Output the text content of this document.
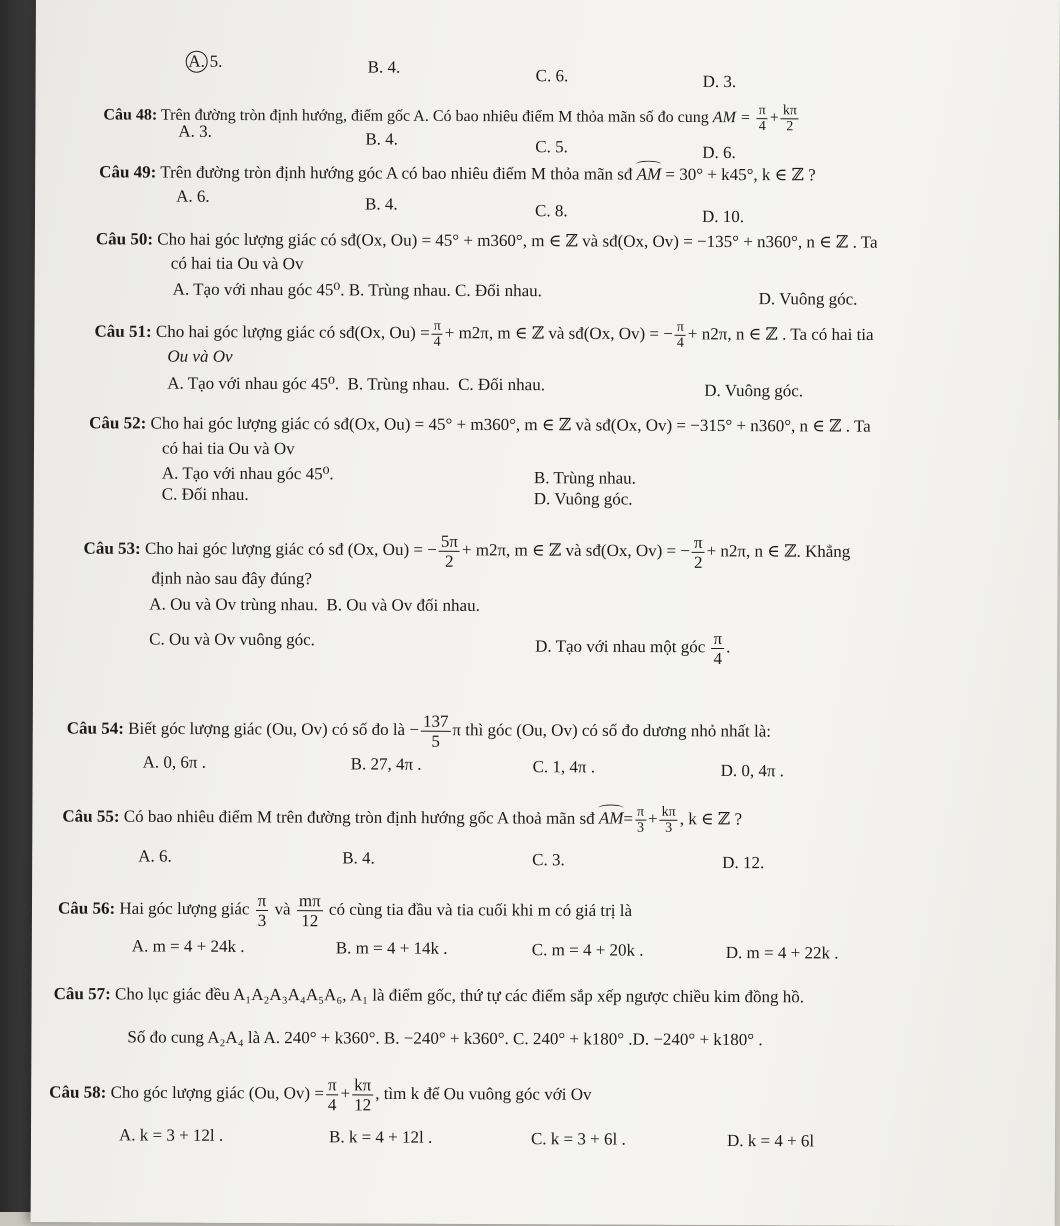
A. 5.	B. 4.	C. 6.	D. 3.
Câu 48: Trên đường tròn định hướng, điểm gốc A. Có bao nhiêu điểm M thỏa mãn số đo cung AM = $\frac{\pi}{4} + \frac{k\pi}{2}$
A. 3.	B. 4.	C. 5.	D. 6.
Câu 49: Trên đường tròn định hướng góc A có bao nhiêu điểm M thỏa mãn sđ AM = 30° + k45°, k ∈ ℤ ?
A. 6.	B. 4.	C. 8.	D. 10.
Câu 50: Cho hai góc lượng giác có sđ(Ox, Ou) = 45° + m360°, m ∈ ℤ và sđ(Ox, Ov) = −135° + n360°, n ∈ ℤ . Ta
có hai tia Ou và Ov
A. Tạo với nhau góc 45⁰. B. Trùng nhau. C. Đối nhau.	D. Vuông góc.
Câu 51: Cho hai góc lượng giác có sđ(Ox, $Ou) = \frac{\pi}{4} + m2\pi$, m ∈ ℤ và sđ(Ox, Ov) = − $\frac{\pi}{4} + n2\pi$, n ∈ ℤ . Ta có hai tia
Ou và Ov
A. Tạo với nhau góc 45⁰. B. Trùng nhau. C. Đối nhau.	D. Vuông góc.
Câu 52: Cho hai góc lượng giác có sđ(Ox, Ou) = 45° + m360°, m ∈ ℤ và sđ(Ox, Ov) = −315° + n360°, n ∈ ℤ . Ta
có hai tia Ou và Ov
A. Tạo với nhau góc 45⁰.	B. Trùng nhau.
C. Đối nhau.	D. Vuông góc.
Câu 53: Cho hai góc lượng giác có sđ (Ox, Ou) = − $\frac{5\pi}{2} + m2\pi$, m ∈ ℤ và sđ(Ox, Ov) = − $\frac{\pi}{2} + n2\pi$, n ∈ ℤ. Khẳng
định nào sau đây đúng?
A. Ou và Ov trùng nhau. B. Ou và Ov đối nhau.
C. Ou và Ov vuông góc.	D. Tạo với nhau một góc $\frac{\pi}{4}$ .
Câu 54: Biết góc lượng giác (Ou, Ov) có số đo là − $\frac{137}{5}$ π thì góc (Ou, Ov) có số đo dương nhỏ nhất là:
A. 0, 6π .	B. 27, 4π .	C. 1, 4π .	D. 0, 4π .
Câu 55: Có bao nhiêu điểm M trên đường tròn định hướng gốc A thoả mãn sđ $AM= \frac{\pi}{3} + \frac{k\pi}{3}$ , k ∈ ℤ ?
A. 6.	B. 4.	C. 3.	D. 12.
Câu 56: Hai góc lượng giác $\frac{\pi}{3}$ và $\frac{m\pi}{12}$ có cùng tia đầu và tia cuối khi m có giá trị là
A. m = 4 + 24k .	B. m = 4 + 14k .	C. m = 4 + 20k .	D. m = 4 + 22k .
Câu 57: Cho lục giác đều A₁A₂A₃A₄A₅A₆, A₁ là điểm gốc, thứ tự các điểm sắp xếp ngược chiều kim đồng hồ.
Số đo cung A₂A₄ là A. 240° + k360°. B. −240° + k360°. C. 240° + k180° .D. −240° + k180° .
Câu 58: Cho góc lượng giác (Ou, $Ov) = \frac{\pi}{4} + \frac{k\pi}{12}$ , tìm k để Ou vuông góc với Ov
A. k = 3 + 12l .	B. k = 4 + 12l .	C. k = 3 + 6l .	D. k = 4 + 6l
